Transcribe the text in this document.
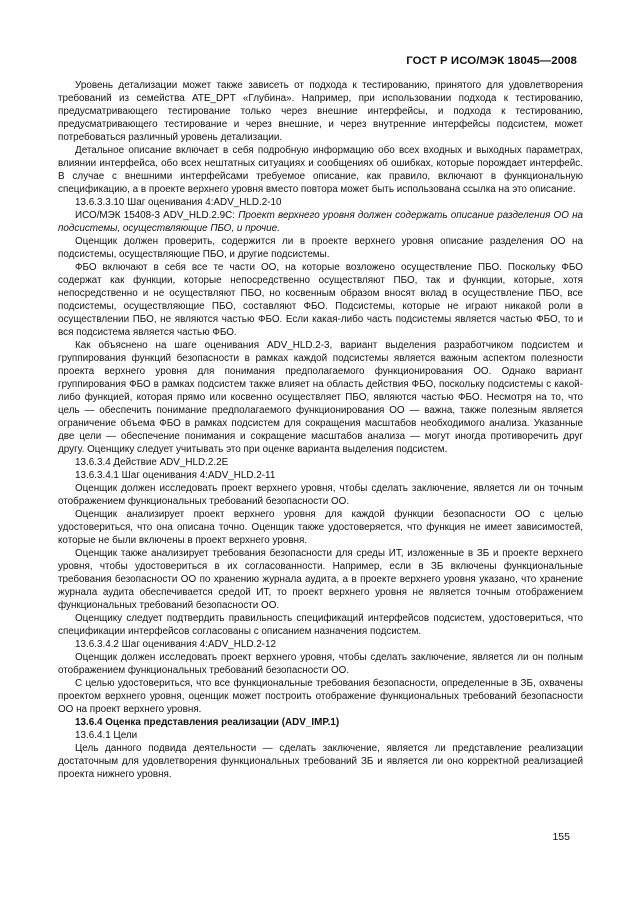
ГОСТ Р ИСО/МЭК 18045—2008

Уровень детализации может также зависеть от подхода к тестированию, принятого для удовлетворения требований из семейства ATE_DPT «Глубина». Например, при использовании подхода к тестированию, предусматривающего тестирование только через внешние интерфейсы, и подхода к тестированию, предусматривающего тестирование и через внешние, и через внутренние интерфейсы подсистем, может потребоваться различный уровень детализации.

Детальное описание включает в себя подробную информацию обо всех входных и выходных параметрах, влиянии интерфейса, обо всех нештатных ситуациях и сообщениях об ошибках, которые порождает интерфейс. В случае с внешними интерфейсами требуемое описание, как правило, включают в функциональную спецификацию, а в проекте верхнего уровня вместо повтора может быть использована ссылка на это описание.

13.6.3.3.10 Шаг оценивания 4:ADV_HLD.2-10

ИСО/МЭК 15408-3 ADV_HLD.2.9C: Проект верхнего уровня должен содержать описание разделения ОО на подсистемы, осуществляющие ПБО, и прочие.

Оценщик должен проверить, содержится ли в проекте верхнего уровня описание разделения ОО на подсистемы, осуществляющие ПБО, и другие подсистемы.

ФБО включают в себя все те части ОО, на которые возложено осуществление ПБО. Поскольку ФБО содержат как функции, которые непосредственно осуществляют ПБО, так и функции, которые, хотя непосредственно и не осуществляют ПБО, но косвенным образом вносят вклад в осуществление ПБО, все подсистемы, осуществляющие ПБО, составляют ФБО. Подсистемы, которые не играют никакой роли в осуществлении ПБО, не являются частью ФБО. Если какая-либо часть подсистемы является частью ФБО, то и вся подсистема является частью ФБО.

Как объяснено на шаге оценивания ADV_HLD.2-3, вариант выделения разработчиком подсистем и группирования функций безопасности в рамках каждой подсистемы является важным аспектом полезности проекта верхнего уровня для понимания предполагаемого функционирования ОО. Однако вариант группирования ФБО в рамках подсистем также влияет на область действия ФБО, поскольку подсистемы с какой-либо функцией, которая прямо или косвенно осуществляет ПБО, являются частью ФБО. Несмотря на то, что цель — обеспечить понимание предполагаемого функционирования ОО — важна, также полезным является ограничение объема ФБО в рамках подсистем для сокращения масштабов необходимого анализа. Указанные две цели — обеспечение понимания и сокращение масштабов анализа — могут иногда противоречить друг другу. Оценщику следует учитывать это при оценке варианта выделения подсистем.

13.6.3.4 Действие ADV_HLD.2.2E

13.6.3.4.1 Шаг оценивания 4:ADV_HLD.2-11

Оценщик должен исследовать проект верхнего уровня, чтобы сделать заключение, является ли он точным отображением функциональных требований безопасности ОО.

Оценщик анализирует проект верхнего уровня для каждой функции безопасности ОО с целью удостовериться, что она описана точно. Оценщик также удостоверяется, что функция не имеет зависимостей, которые не были включены в проект верхнего уровня.

Оценщик также анализирует требования безопасности для среды ИТ, изложенные в ЗБ и проекте верхнего уровня, чтобы удостовериться в их согласованности. Например, если в ЗБ включены функциональные требования безопасности ОО по хранению журнала аудита, а в проекте верхнего уровня указано, что хранение журнала аудита обеспечивается средой ИТ, то проект верхнего уровня не является точным отображением функциональных требований безопасности ОО.

Оценщику следует подтвердить правильность спецификаций интерфейсов подсистем, удостовериться, что спецификации интерфейсов согласованы с описанием назначения подсистем.

13.6.3.4.2 Шаг оценивания 4:ADV_HLD.2-12

Оценщик должен исследовать проект верхнего уровня, чтобы сделать заключение, является ли он полным отображением функциональных требований безопасности ОО.

С целью удостовериться, что все функциональные требования безопасности, определенные в ЗБ, охвачены проектом верхнего уровня, оценщик может построить отображение функциональных требований безопасности ОО на проект верхнего уровня.

13.6.4 Оценка представления реализации (ADV_IMP.1)

13.6.4.1 Цели

Цель данного подвида деятельности — сделать заключение, является ли представление реализации достаточным для удовлетворения функциональных требований ЗБ и является ли оно корректной реализацией проекта нижнего уровня.

155
